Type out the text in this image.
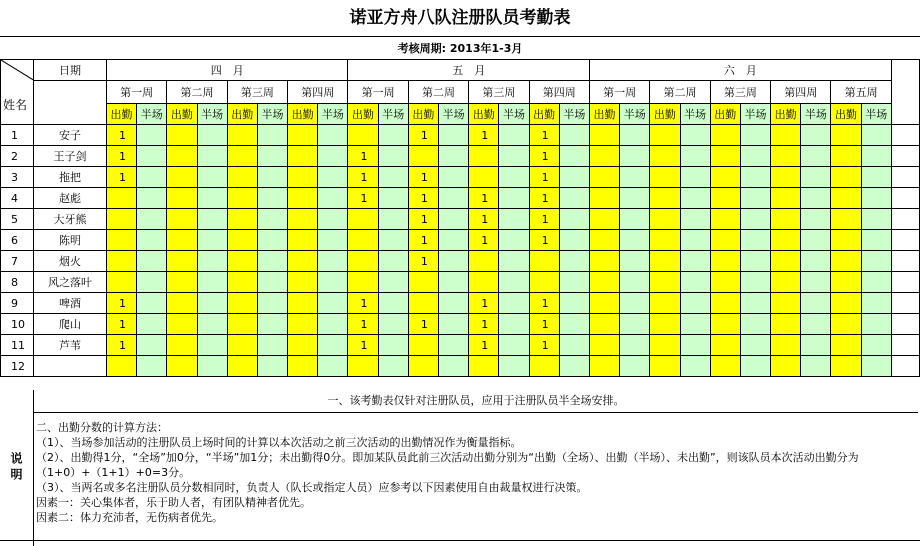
诺亚方舟八队注册队员考勤表
考核周期: 2013年1-3月
姓名	日期	四　月								五　月								六　月										
		第一周		第二周		第三周		第四周		第一周		第二周		第三周		第四周		第一周		第二周		第三周		第四周		第五周		
		出勤	半场	出勤	半场	出勤	半场	出勤	半场	出勤	半场	出勤	半场	出勤	半场	出勤	半场	出勤	半场	出勤	半场	出勤	半场	出勤	半场	出勤	半场	
1	安子	1										1		1		1												
2	王子剑	1								1						1												
3	拖把	1								1		1				1												
4	赵彪									1		1		1		1												
5	大牙熊											1		1		1												
6	陈明											1		1		1												
7	烟火											1																
8	风之落叶																											
9	啤酒	1								1				1		1												
10	爬山	1								1		1		1		1												
11	芦苇	1								1				1		1												
12																												
说明
一、该考勤表仅针对注册队员，应用于注册队员半全场安排。
二、出勤分数的计算方法：
（1）、当场参加活动的注册队员上场时间的计算以本次活动之前三次活动的出勤情况作为衡量指标。
（2）、出勤得1分，“全场”加0分，“半场”加1分；未出勤得0分。即加某队员此前三次活动出勤分别为“出勤（全场）、出勤（半场）、未出勤”，则该队员本次活动出勤分为（1+0）+（1+1）+0=3分。
（3）、当两名或多名注册队员分数相同时，负责人（队长或指定人员）应参考以下因素使用自由裁量权进行决策。
因素一：关心集体者，乐于助人者，有团队精神者优先。
因素二：体力充沛者，无伤病者优先。
